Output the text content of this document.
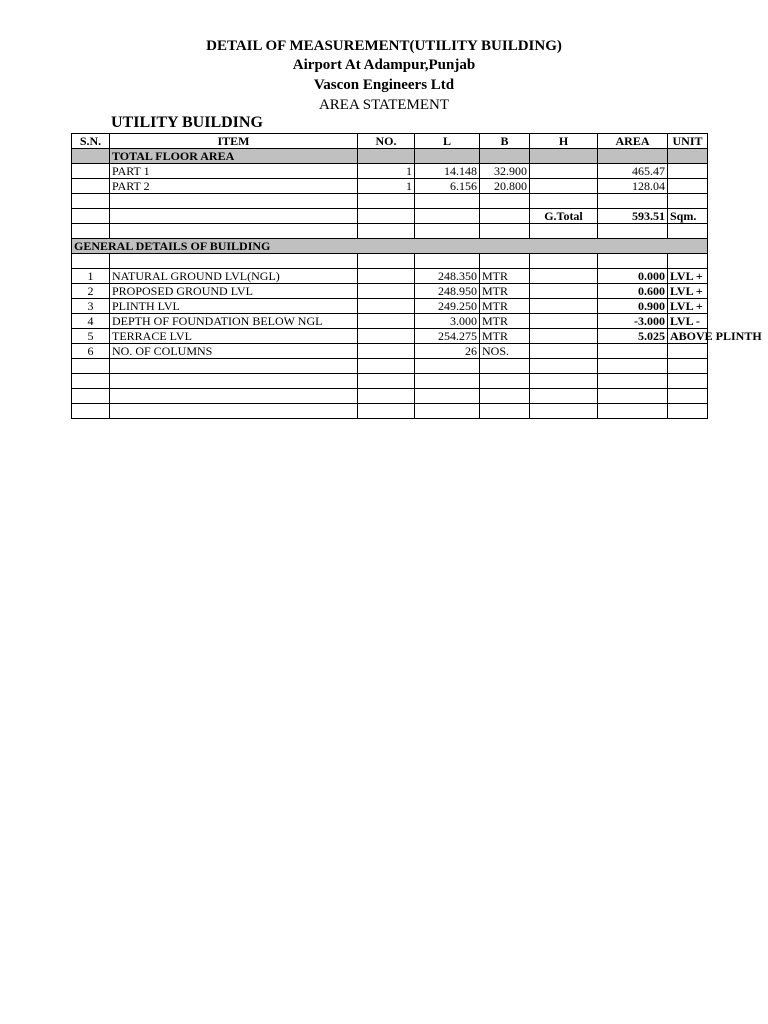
DETAIL OF MEASUREMENT(UTILITY BUILDING)
Airport At Adampur,Punjab
Vascon Engineers Ltd
AREA STATEMENT
UTILITY BUILDING
S.N.	ITEM	NO.	L	B	H	AREA	UNIT
	TOTAL FLOOR AREA						
	PART 1	1	14.148	32.900		465.47	
	PART 2	1	6.156	20.800		128.04	

					G.Total	593.51	Sqm.

GENERAL DETAILS OF BUILDING							

1	NATURAL GROUND LVL(NGL)		248.350	MTR		0.000	LVL +
2	PROPOSED GROUND LVL		248.950	MTR		0.600	LVL +
3	PLINTH LVL		249.250	MTR		0.900	LVL +
4	DEPTH OF FOUNDATION BELOW NGL		3.000	MTR		-3.000	LVL -
5	TERRACE LVL		254.275	MTR		5.025	ABOVE PLINTH
6	NO. OF COLUMNS		26	NOS.			
